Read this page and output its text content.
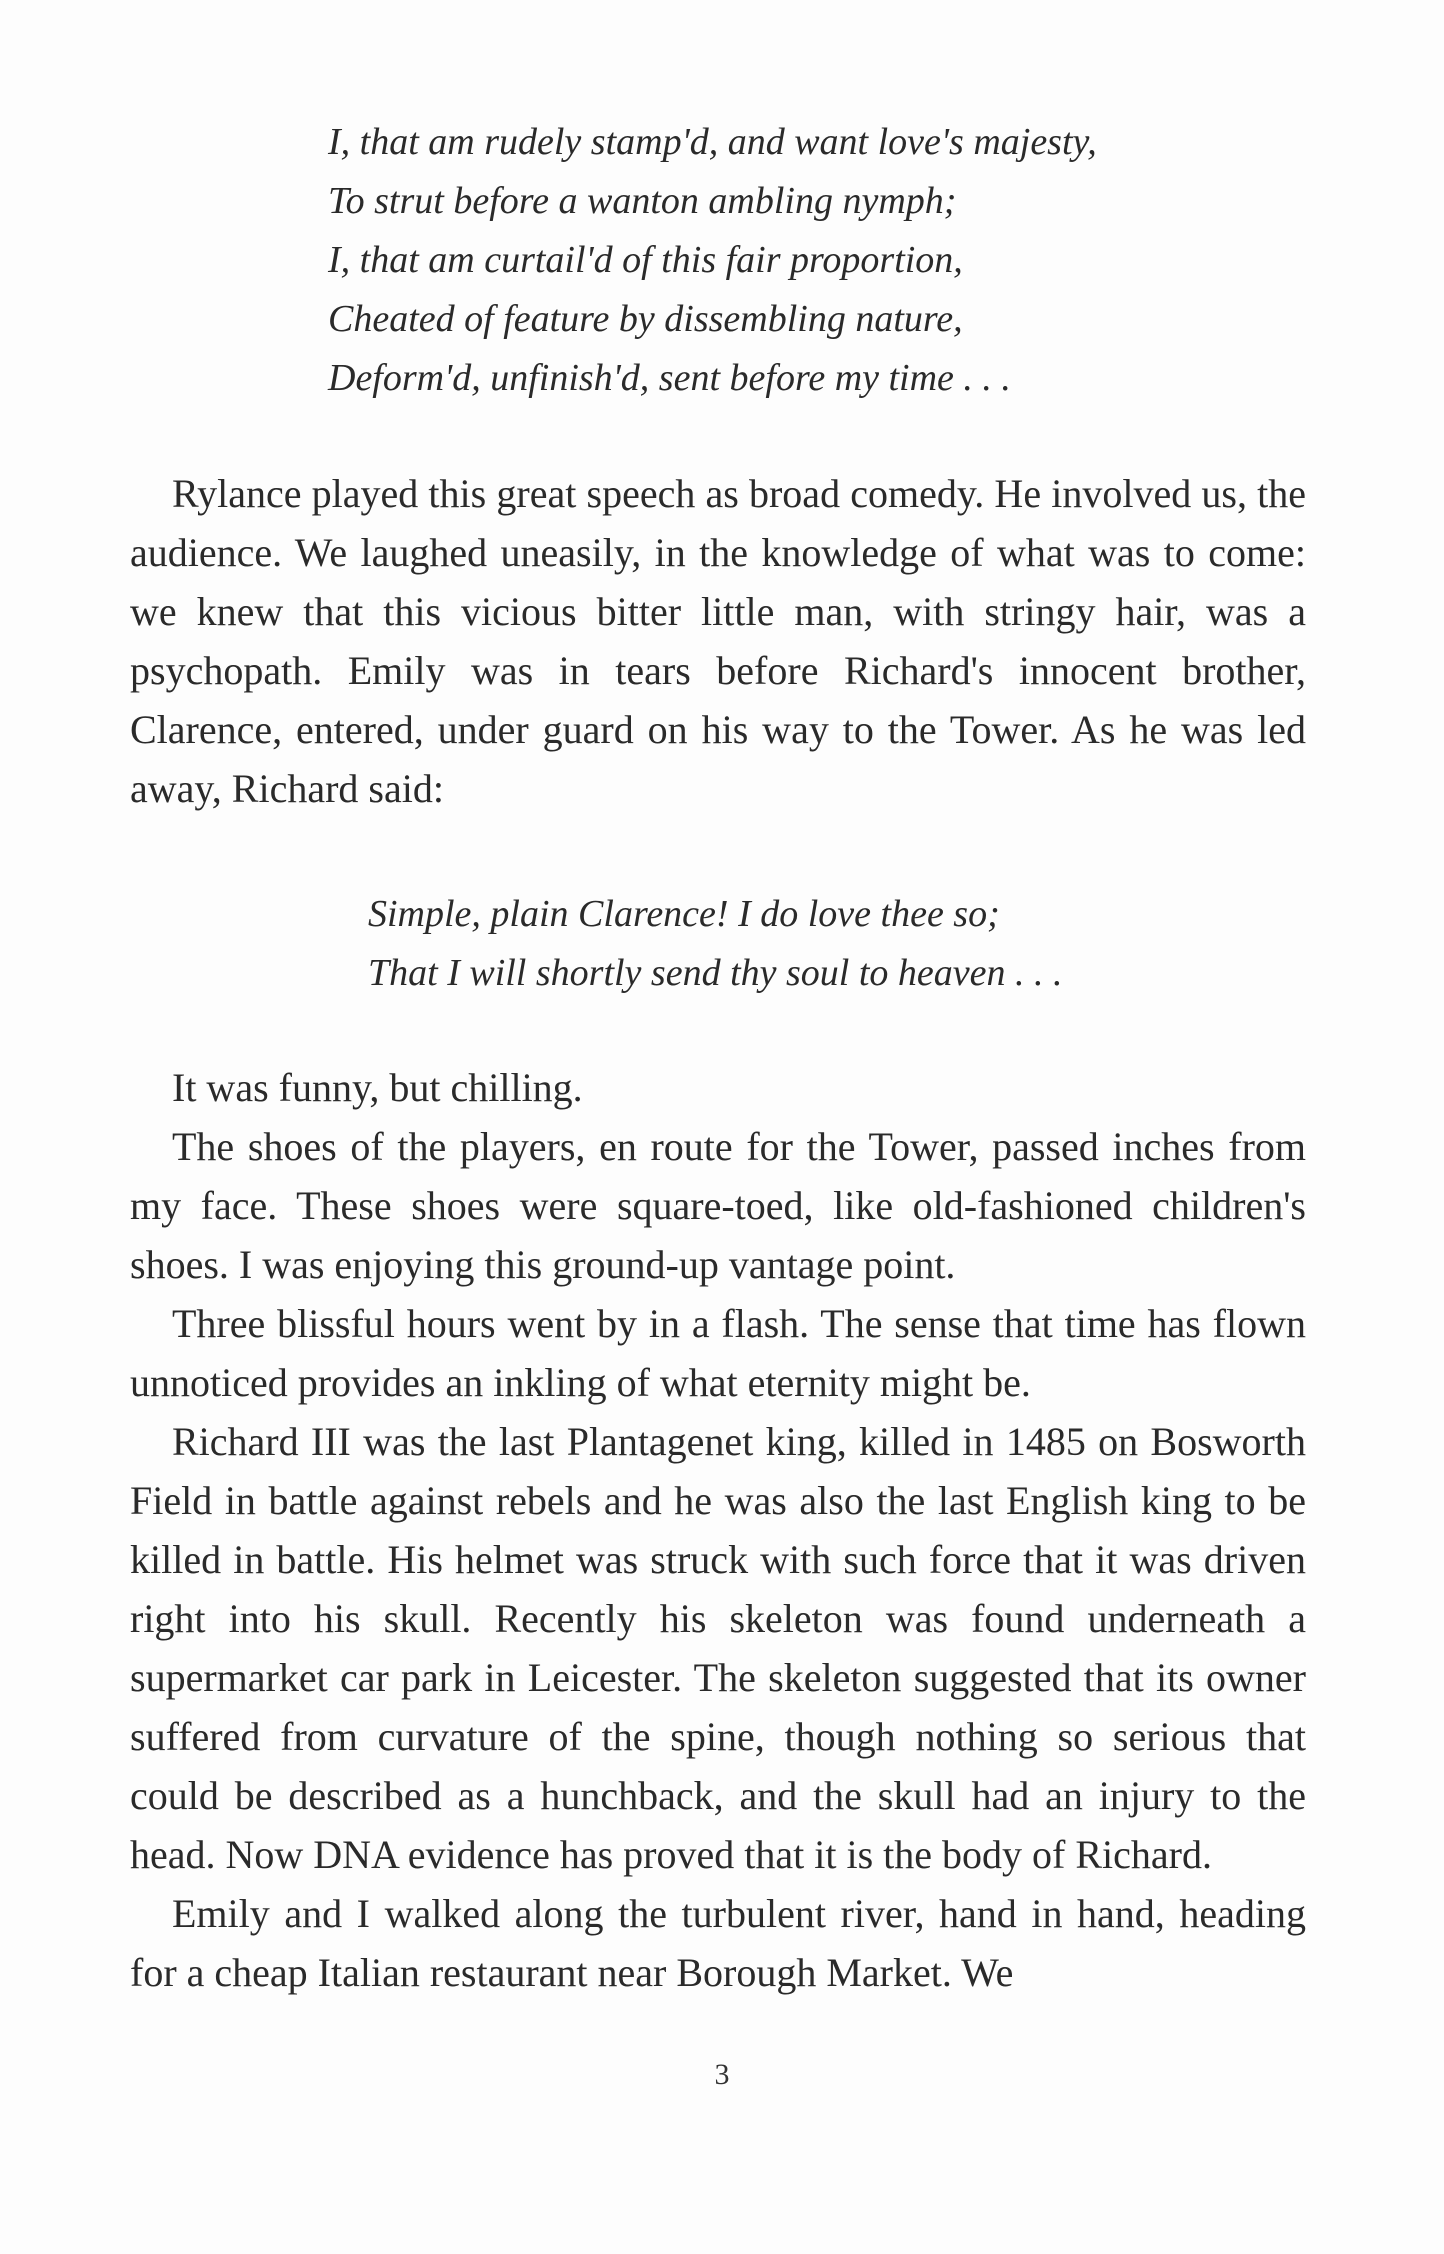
I, that am rudely stamp'd, and want love's majesty,
To strut before a wanton ambling nymph;
I, that am curtail'd of this fair proportion,
Cheated of feature by dissembling nature,
Deform'd, unfinish'd, sent before my time . . .

Rylance played this great speech as broad comedy. He involved us, the audience. We laughed uneasily, in the knowledge of what was to come: we knew that this vicious bitter little man, with stringy hair, was a psychopath. Emily was in tears before Richard's innocent brother, Clarence, entered, under guard on his way to the Tower. As he was led away, Richard said:

Simple, plain Clarence! I do love thee so;
That I will shortly send thy soul to heaven . . .

It was funny, but chilling.

The shoes of the players, en route for the Tower, passed inches from my face. These shoes were square-toed, like old-fashioned children's shoes. I was enjoying this ground-up vantage point.

Three blissful hours went by in a flash. The sense that time has flown unnoticed provides an inkling of what eternity might be.

Richard III was the last Plantagenet king, killed in 1485 on Bosworth Field in battle against rebels and he was also the last English king to be killed in battle. His helmet was struck with such force that it was driven right into his skull. Recently his skeleton was found underneath a supermarket car park in Leicester. The skeleton suggested that its owner suffered from curvature of the spine, though nothing so serious that could be described as a hunchback, and the skull had an injury to the head. Now DNA evidence has proved that it is the body of Richard.

Emily and I walked along the turbulent river, hand in hand, heading for a cheap Italian restaurant near Borough Market. We

3
